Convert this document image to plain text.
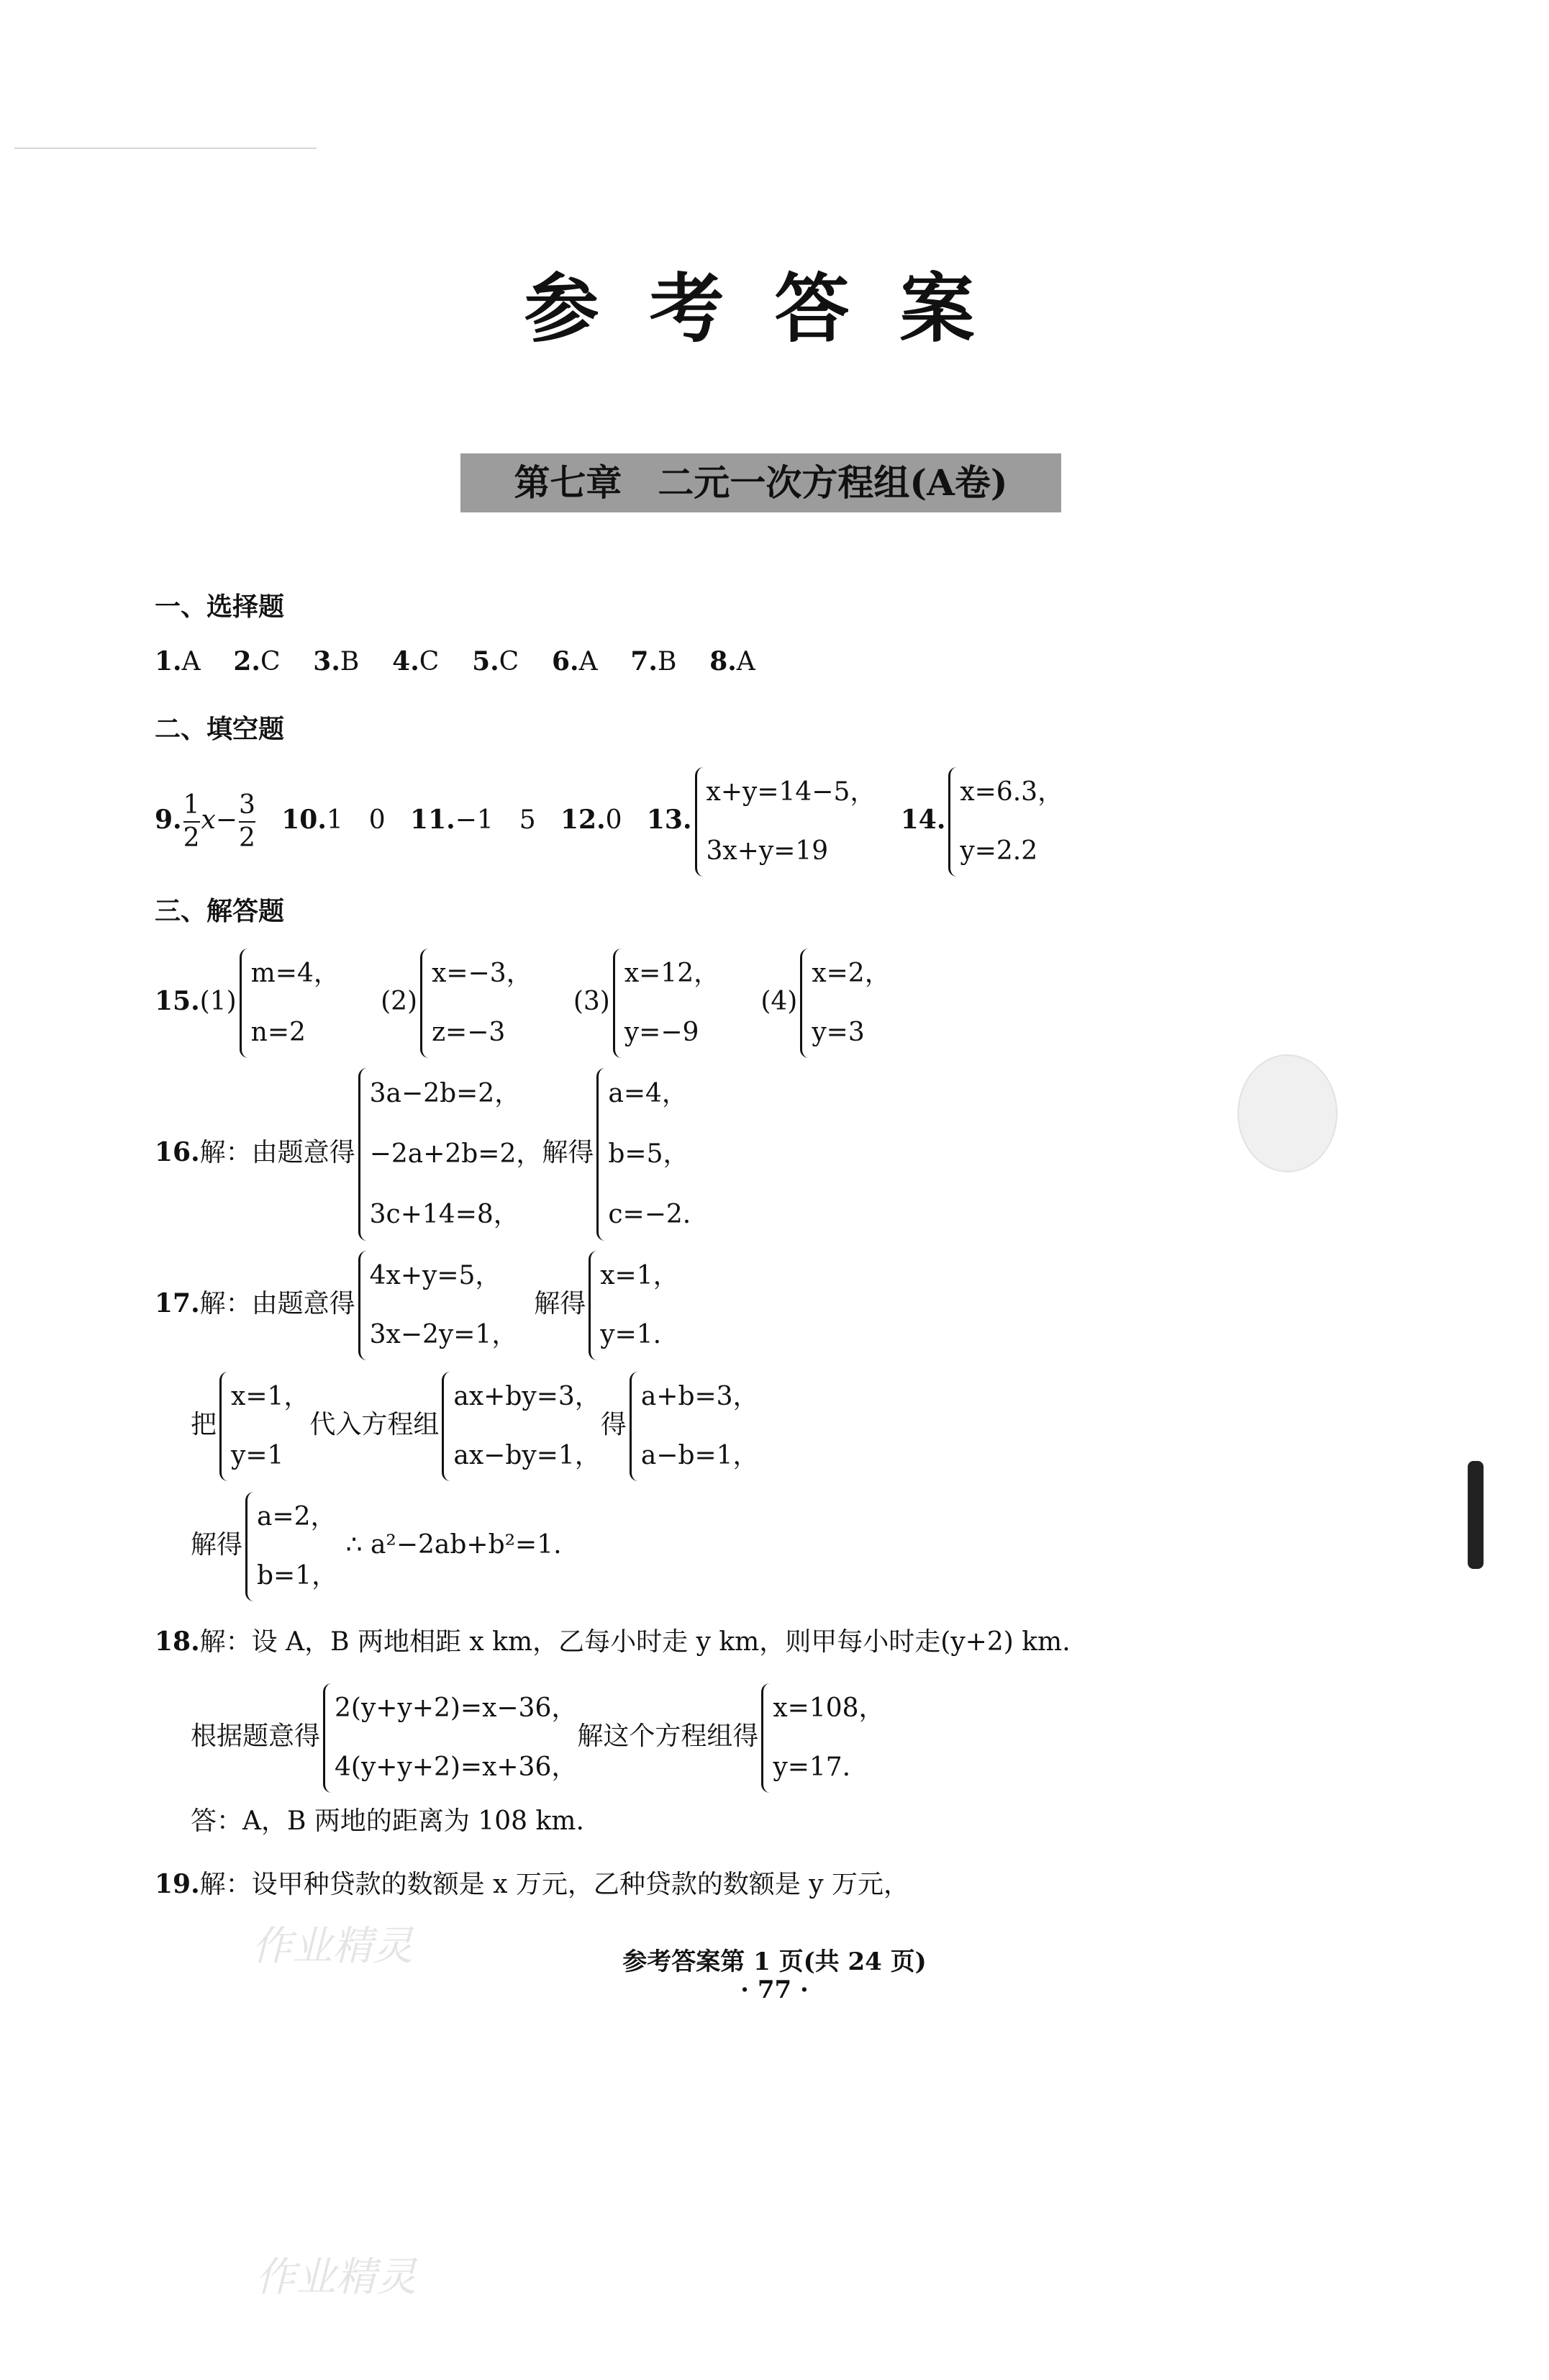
参考答案
第七章　二元一次方程组(A卷)
一、选择题
1.A 2.C 3.B 4.C 5.C 6.A 7.B 8.A
二、填空题
9. $\frac{1}{2} x- \frac{3}{2} 10.1$　0 11.−1　5 12.0 13.
x+y=14−5，
3x+y=19
14.
x=6.3，
y=2.2
三、解答题
15.(1)
m=4，
n=2
(2)
x=−3，
z=−3
(3)
x=12，
y=−9
(4)
x=2，
y=3
16.解：由题意得
3a−2b=2，
−2a+2b=2，
3c+14=8，
解得
a=4，
b=5，
c=−2.
17.解：由题意得
4x+y=5，
3x−2y=1，
解得
x=1，
y=1.
把
x=1，
y=1
代入方程组
ax+by=3，
ax−by=1，
得
a+b=3，
a−b=1，
解得
a=2，
b=1，
∴ a²−2ab+b²=1.
18.解：设 A，B 两地相距 x km，乙每小时走 y km，则甲每小时走(y+2) km.
根据题意得
2(y+y+2)=x−36，
4(y+y+2)=x+36，
解这个方程组得
x=108，
y=17.
答：A，B 两地的距离为 108 km.
19.解：设甲种贷款的数额是 x 万元，乙种贷款的数额是 y 万元，
参考答案第 1 页(共 24 页)
· 77 ·
作业精灵
作业精灵
